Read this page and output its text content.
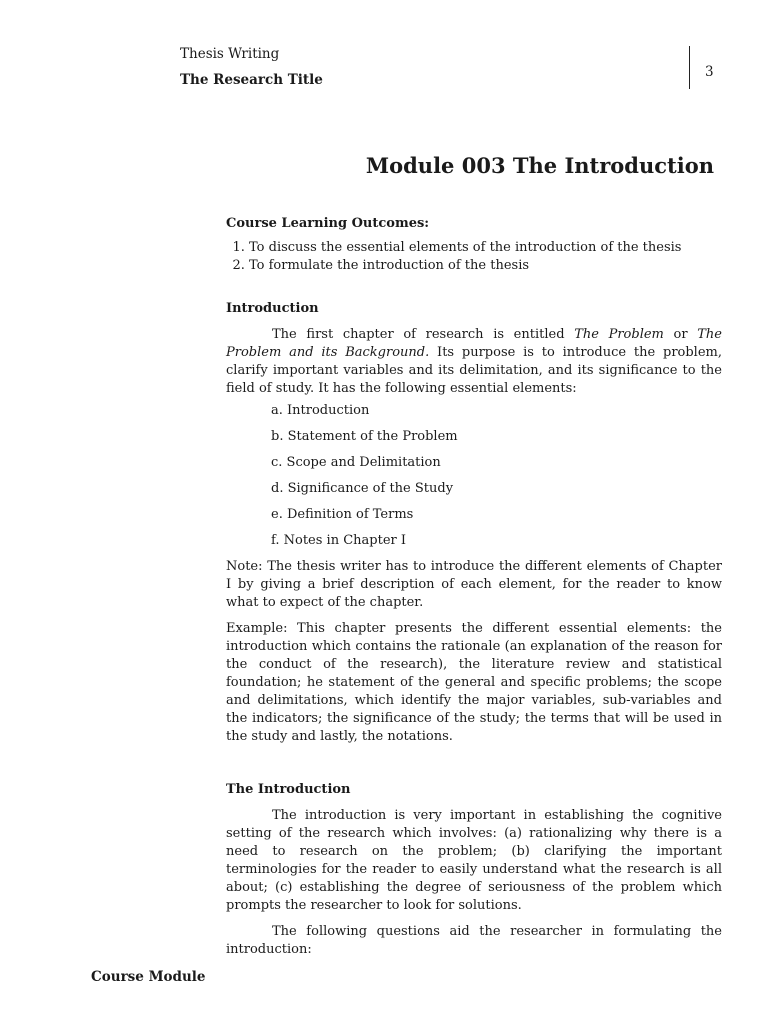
Thesis Writing
The Research Title	3
Module 003 The Introduction
Course Learning Outcomes:
1. To discuss the essential elements of the introduction of the thesis
2. To formulate the introduction of the thesis
Introduction

The first chapter of research is entitled The Problem or The Problem and its Background. Its purpose is to introduce the problem, clarify important variables and its delimitation, and its significance to the field of study. It has the following essential elements:

a. Introduction
b. Statement of the Problem
c. Scope and Delimitation
d. Significance of the Study
e. Definition of Terms
f. Notes in Chapter I

Note: The thesis writer has to introduce the different elements of Chapter I by giving a brief description of each element, for the reader to know what to expect of the chapter.

Example: This chapter presents the different essential elements: the introduction which contains the rationale (an explanation of the reason for the conduct of the research), the literature review and statistical foundation; he statement of the general and specific problems; the scope and delimitations, which identify the major variables, sub-variables and the indicators; the significance of the study; the terms that will be used in the study and lastly, the notations.

The Introduction

The introduction is very important in establishing the cognitive setting of the research which involves: (a) rationalizing why there is a need to research on the problem; (b) clarifying the important terminologies for the reader to easily understand what the research is all about; (c) establishing the degree of seriousness of the problem which prompts the researcher to look for solutions.

The following questions aid the researcher in formulating the introduction:

Course Module
